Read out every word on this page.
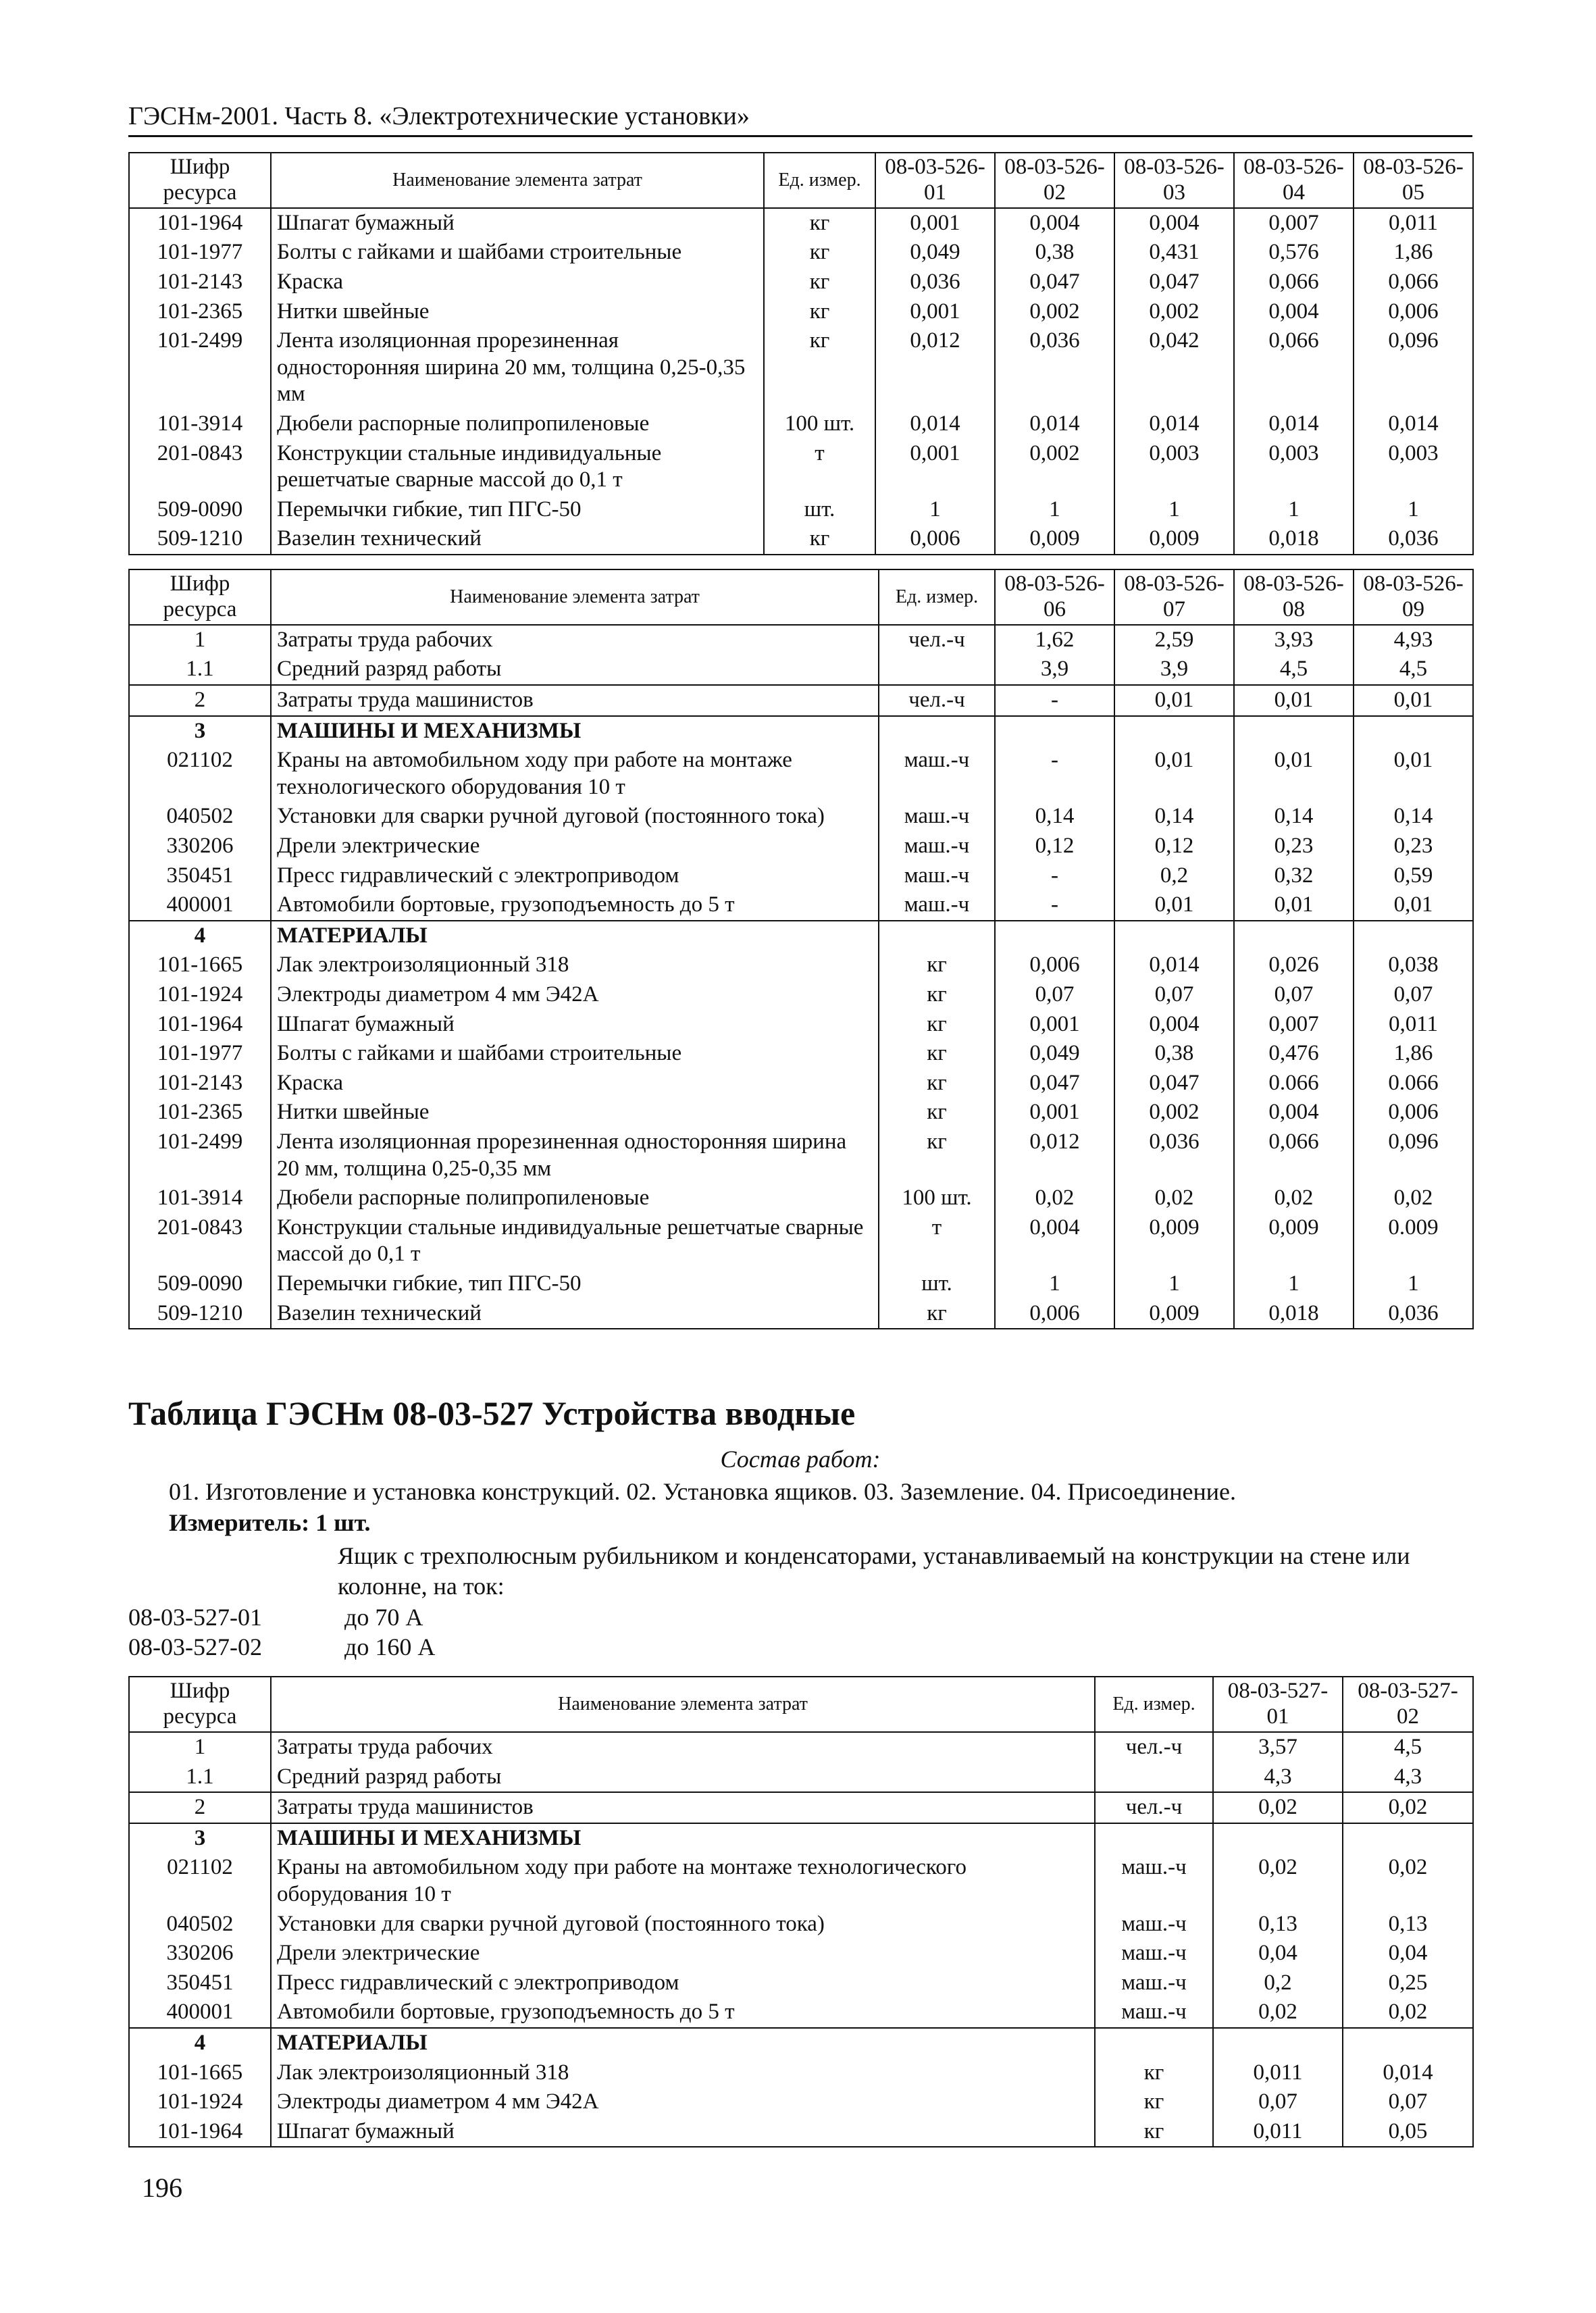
ГЭСНм-2001. Часть 8. «Электротехнические установки»
Шифр ресурса	Наименование элемента затрат	Ед. измер.	08-03-526-01	08-03-526-02	08-03-526-03	08-03-526-04	08-03-526-05
101-1964	Шпагат бумажный	кг	0,001	0,004	0,004	0,007	0,011
101-1977	Болты с гайками и шайбами строительные	кг	0,049	0,38	0,431	0,576	1,86
101-2143	Краска	кг	0,036	0,047	0,047	0,066	0,066
101-2365	Нитки швейные	кг	0,001	0,002	0,002	0,004	0,006
101-2499	Лента изоляционная прорезиненная односторонняя ширина 20 мм, толщина 0,25-0,35 мм	кг	0,012	0,036	0,042	0,066	0,096
101-3914	Дюбели распорные полипропиленовые	100 шт.	0,014	0,014	0,014	0,014	0,014
201-0843	Конструкции стальные индивидуальные решетчатые сварные массой до 0,1 т	т	0,001	0,002	0,003	0,003	0,003
509-0090	Перемычки гибкие, тип ПГС-50	шт.	1	1	1	1	1
509-1210	Вазелин технический	кг	0,006	0,009	0,009	0,018	0,036
Шифр ресурса	Наименование элемента затрат	Ед. измер.	08-03-526-06	08-03-526-07	08-03-526-08	08-03-526-09
1	Затраты труда рабочих	чел.-ч	1,62	2,59	3,93	4,93
1.1	Средний разряд работы		3,9	3,9	4,5	4,5
2	Затраты труда машинистов	чел.-ч	-	0,01	0,01	0,01
3	МАШИНЫ И МЕХАНИЗМЫ					
021102	Краны на автомобильном ходу при работе на монтаже технологического оборудования 10 т	маш.-ч	-	0,01	0,01	0,01
040502	Установки для сварки ручной дуговой (постоянного тока)	маш.-ч	0,14	0,14	0,14	0,14
330206	Дрели электрические	маш.-ч	0,12	0,12	0,23	0,23
350451	Пресс гидравлический с электроприводом	маш.-ч	-	0,2	0,32	0,59
400001	Автомобили бортовые, грузоподъемность до 5 т	маш.-ч	-	0,01	0,01	0,01
4	МАТЕРИАЛЫ					
101-1665	Лак электроизоляционный 318	кг	0,006	0,014	0,026	0,038
101-1924	Электроды диаметром 4 мм Э42А	кг	0,07	0,07	0,07	0,07
101-1964	Шпагат бумажный	кг	0,001	0,004	0,007	0,011
101-1977	Болты с гайками и шайбами строительные	кг	0,049	0,38	0,476	1,86
101-2143	Краска	кг	0,047	0,047	0.066	0.066
101-2365	Нитки швейные	кг	0,001	0,002	0,004	0,006
101-2499	Лента изоляционная прорезиненная односторонняя ширина 20 мм, толщина 0,25-0,35 мм	кг	0,012	0,036	0,066	0,096
101-3914	Дюбели распорные полипропиленовые	100 шт.	0,02	0,02	0,02	0,02
201-0843	Конструкции стальные индивидуальные решетчатые сварные массой до 0,1 т	т	0,004	0,009	0,009	0.009
509-0090	Перемычки гибкие, тип ПГС-50	шт.	1	1	1	1
509-1210	Вазелин технический	кг	0,006	0,009	0,018	0,036
Таблица ГЭСНм 08-03-527 Устройства вводные
Состав работ:
01. Изготовление и установка конструкций. 02. Установка ящиков. 03. Заземление. 04. Присоединение.
Измеритель: 1 шт.
Ящик с трехполюсным рубильником и конденсаторами, устанавливаемый на конструкции на стене или колонне, на ток:
08-03-527-01	до 70 А
08-03-527-02	до 160 А
Шифр ресурса	Наименование элемента затрат	Ед. измер.	08-03-527-01	08-03-527-02
1	Затраты труда рабочих	чел.-ч	3,57	4,5
1.1	Средний разряд работы		4,3	4,3
2	Затраты труда машинистов	чел.-ч	0,02	0,02
3	МАШИНЫ И МЕХАНИЗМЫ			
021102	Краны на автомобильном ходу при работе на монтаже технологического оборудования 10 т	маш.-ч	0,02	0,02
040502	Установки для сварки ручной дуговой (постоянного тока)	маш.-ч	0,13	0,13
330206	Дрели электрические	маш.-ч	0,04	0,04
350451	Пресс гидравлический с электроприводом	маш.-ч	0,2	0,25
400001	Автомобили бортовые, грузоподъемность до 5 т	маш.-ч	0,02	0,02
4	МАТЕРИАЛЫ			
101-1665	Лак электроизоляционный 318	кг	0,011	0,014
101-1924	Электроды диаметром 4 мм Э42А	кг	0,07	0,07
101-1964	Шпагат бумажный	кг	0,011	0,05
196
